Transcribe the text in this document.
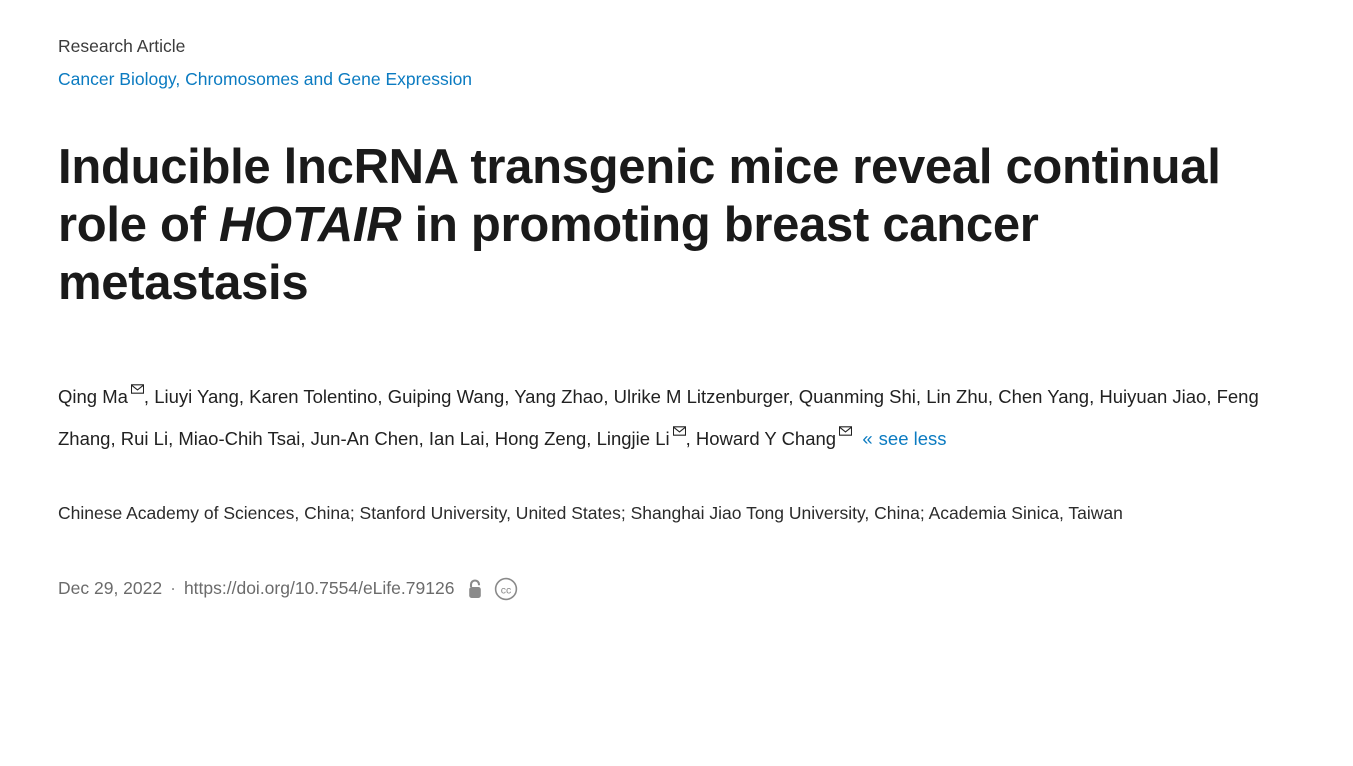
Research Article
Cancer Biology, Chromosomes and Gene Expression
Inducible lncRNA transgenic mice reveal continual role of HOTAIR in promoting breast cancer metastasis
Qing Ma , Liuyi Yang, Karen Tolentino, Guiping Wang, Yang Zhao, Ulrike M Litzenburger, Quanming Shi, Lin Zhu, Chen Yang, Huiyuan Jiao, Feng Zhang, Rui Li, Miao-Chih Tsai, Jun-An Chen, Ian Lai, Hong Zeng, Lingjie Li , Howard Y Chang « see less
Chinese Academy of Sciences, China; Stanford University, United States; Shanghai Jiao Tong University, China; Academia Sinica, Taiwan
Dec 29, 2022 · https://doi.org/10.7554/eLife.79126	cc
